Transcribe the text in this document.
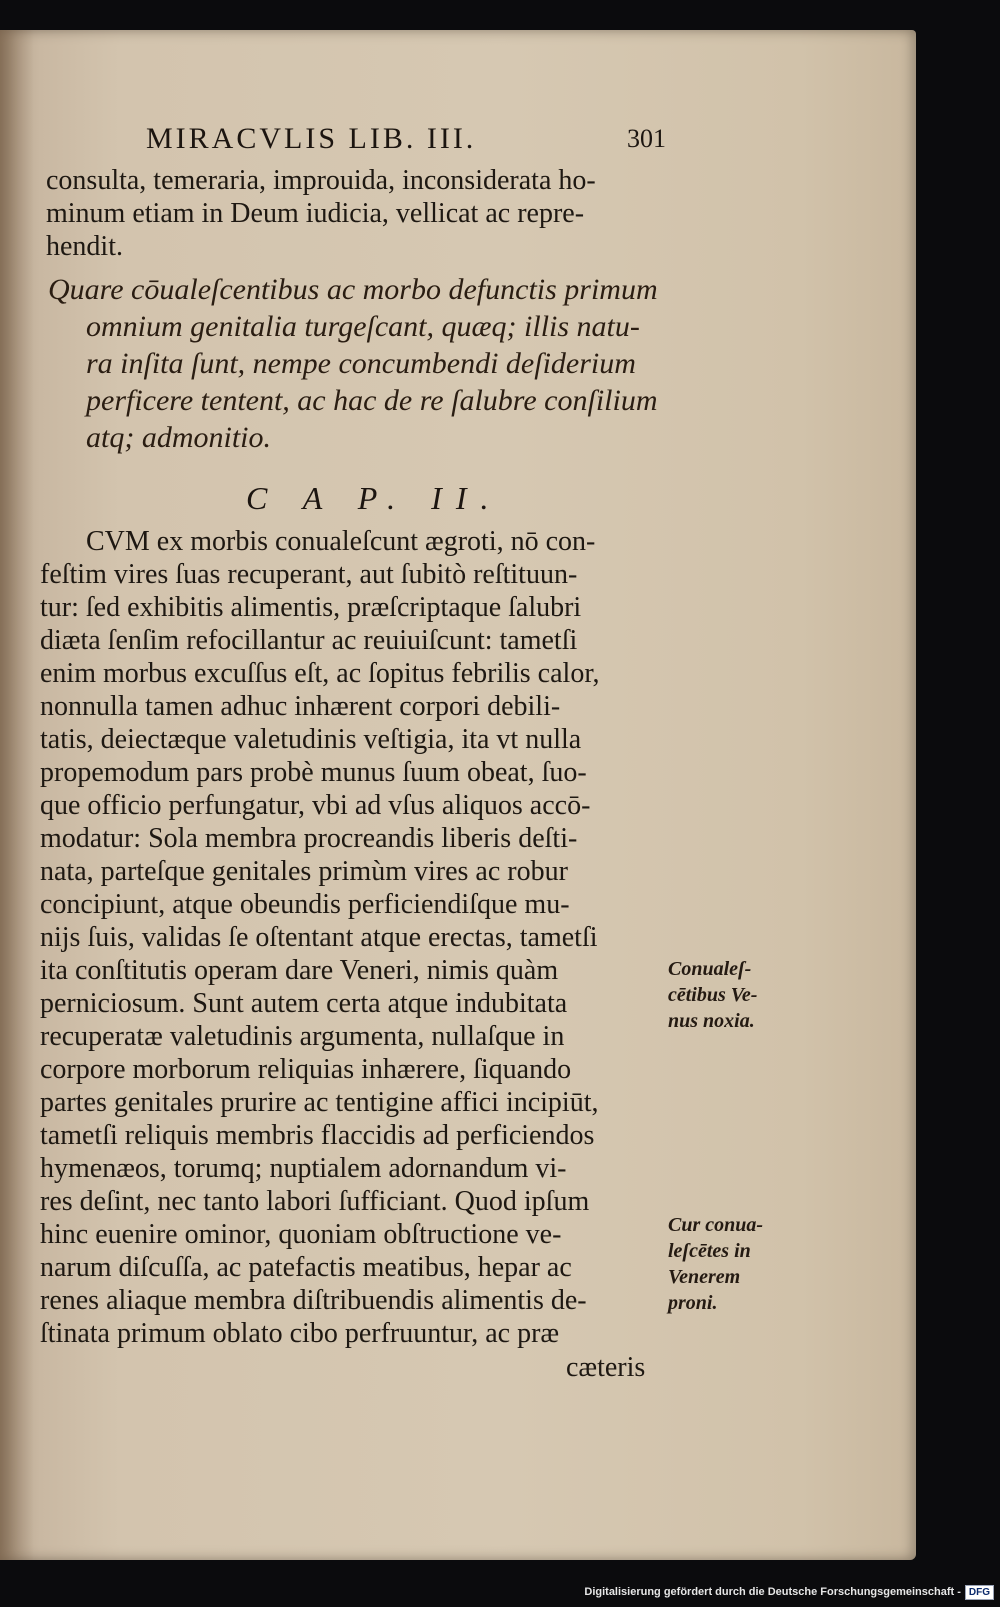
MIRACVLIS LIB. III.	301
consulta, temeraria, improuida, inconsiderata ho-
minum etiam in Deum iudicia, vellicat ac repre-
hendit.
Quare cōualeſcentibus ac morbo defunctis primum
omnium genitalia turgeſcant, quæq; illis natu-
ra inſita ſunt, nempe concumbendi deſiderium
perficere tentent, ac hac de re ſalubre conſilium
atq; admonitio.
C A P. II.
CVM ex morbis conualeſcunt ægroti, nō con-
feſtim vires ſuas recuperant, aut ſubitò reſtituun-
tur: ſed exhibitis alimentis, præſcriptaque ſalubri
diæta ſenſim refocillantur ac reuiuiſcunt: tametſi
enim morbus excuſſus eſt, ac ſopitus febrilis calor,
nonnulla tamen adhuc inhærent corpori debili-
tatis, deiectæque valetudinis veſtigia, ita vt nulla
propemodum pars probè munus ſuum obeat, ſuo-
que officio perfungatur, vbi ad vſus aliquos accō-
modatur: Sola membra procreandis liberis deſti-
nata, parteſque genitales primùm vires ac robur
concipiunt, atque obeundis perficiendiſque mu-
nijs ſuis, validas ſe oſtentant atque erectas, tametſi
ita conſtitutis operam dare Veneri, nimis quàm
perniciosum. Sunt autem certa atque indubitata
recuperatæ valetudinis argumenta, nullaſque in
corpore morborum reliquias inhærere, ſiquando
partes genitales prurire ac tentigine affici incipiūt,
tametſi reliquis membris flaccidis ad perficiendos
hymenæos, torumq; nuptialem adornandum vi-
res deſint, nec tanto labori ſufficiant. Quod ipſum
hinc euenire ominor, quoniam obſtructione ve-
narum diſcuſſa, ac patefactis meatibus, hepar ac
renes aliaque membra diſtribuendis alimentis de-
ſtinata primum oblato cibo perfruuntur, ac præ
cæteris
Conualeſ-
cētibus Ve-
nus noxia.
Cur conua-
leſcētes in
Venerem
proni.
Digitalisierung gefördert durch die Deutsche Forschungsgemeinschaft - DFG
